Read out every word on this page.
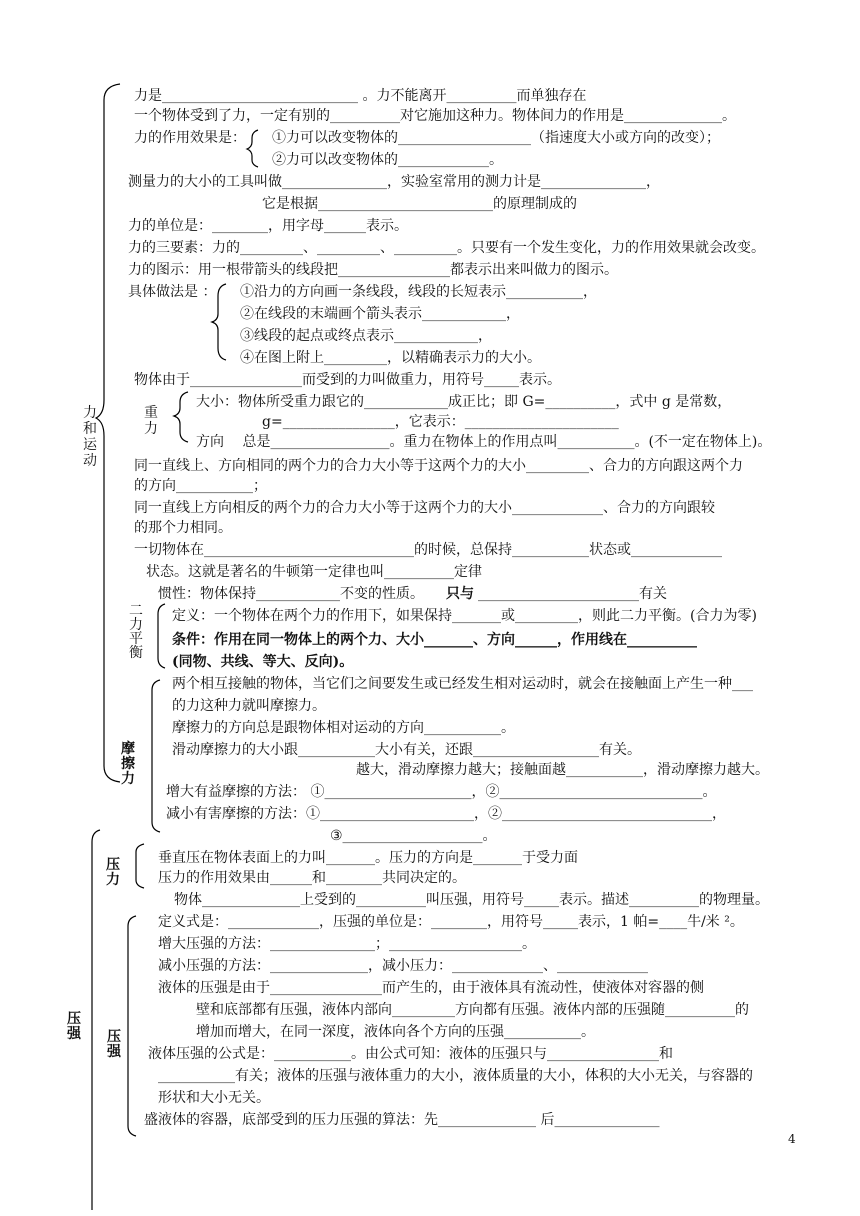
力
和
运
动
重
力
二
力
平
衡
摩
擦
力
压
力
压
强 压
强
力是____________________________ 。力不能离开__________而单独存在
一个物体受到了力，一定有别的__________对它施加这种力。物体间力的作用是______________。
力的作用效果是： ①力可以改变物体的___________________（指速度大小或方向的改变）；
②力可以改变物体的_____________。
测量力的大小的工具叫做_______________，实验室常用的测力计是_______________，
它是根据_________________________的原理制成的
力的单位是：________，用字母______表示。
力的三要素：力的_________、_________、_________。只要有一个发生变化，力的作用效果就会改变。
力的图示：用一根带箭头的线段把________________都表示出来叫做力的图示。
具体做法是 ： ①沿力的方向画一条线段，线段的长短表示___________，
②在线段的末端画个箭头表示____________，
③线段的起点或终点表示____________，
④在图上附上_________，以精确表示力的大小。
物体由于________________而受到的力叫做重力，用符号_____表示。
大小：物体所受重力跟它的____________成正比；即 G=__________，式中 g 是常数，
g=________________，它表示：______________________
方向　 总是_________________。重力在物体上的作用点叫___________。(不一定在物体上)。
同一直线上、方向相同的两个力的合力大小等于这两个力的大小_________、合力的方向跟这两个力
的方向___________；
同一直线上方向相反的两个力的合力大小等于这两个力的大小_____________、合力的方向跟较
的那个力相同。
一切物体在______________________________的时候，总保持___________状态或_____________
状态。这就是著名的牛顿第一定律也叫__________定律
惯性：物体保持____________不变的性质。 只与 _______________________有关
定义：一个物体在两个力的作用下，如果保持_______或_________，则此二力平衡。(合力为零)
条件：作用在同一物体上的两个力、大小_______、方向______，作用线在__________
(同物、共线、等大、反向)。
两个相互接触的物体，当它们之间要发生或已经发生相对运动时，就会在接触面上产生一种___
的力这种力就叫摩擦力。
摩擦力的方向总是跟物体相对运动的方向___________。
滑动摩擦力的大小跟___________大小有关，还跟__________________有关。
越大，滑动摩擦力越大；接触面越___________，滑动摩擦力越大。
增大有益摩擦的方法： ①_____________________，②_____________________________。
减小有害摩擦的方法：①______________________，②______________________________，
③____________________。
垂直压在物体表面上的力叫_______。压力的方向是_______于受力面
压力的作用效果由______和________共同决定的。
物体______________上受到的__________叫压强，用符号_____表示。描述__________的物理量。
定义式是：_____________，压强的单位是：________，用符号_____表示，1 帕=____牛/米 ²。
增大压强的方法：_______________；___________________。
减小压强的方法：______________，减小压力：_____________、_____________
液体的压强是由于________________而产生的，由于液体具有流动性，使液体对容器的侧
壁和底部都有压强，液体内部向_________方向都有压强。液体内部的压强随__________的
增加而增大，在同一深度，液体向各个方向的压强___________。
液体压强的公式是：___________。由公式可知：液体的压强只与________________和
___________有关；液体的压强与液体重力的大小，液体质量的大小，体积的大小无关，与容器的
形状和大小无关。
盛液体的容器，底部受到的压力压强的算法：先______________ 后_______________
4
